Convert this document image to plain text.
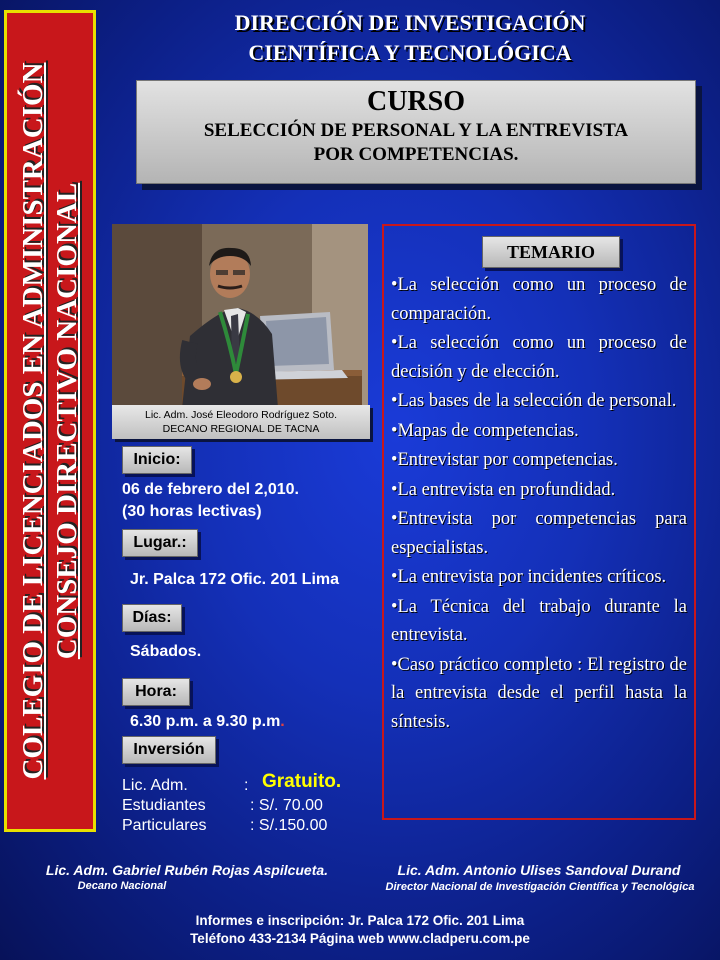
COLEGIO DE LICENCIADOS EN ADMINISTRACIÓN CONSEJO DIRECTIVO NACIONAL
DIRECCIÓN DE INVESTIGACIÓN
CIENTÍFICA Y TECNOLÓGICA
CURSO
SELECCIÓN DE PERSONAL Y LA ENTREVISTA
POR COMPETENCIAS.
Lic. Adm. José Eleodoro Rodríguez Soto.
DECANO REGIONAL DE TACNA
Inicio:
06 de febrero del 2,010.
(30 horas lectivas)
Lugar.:
Jr. Palca 172 Ofic. 201 Lima
Días:
Sábados.
Hora:
6.30 p.m. a 9.30 p.m.
Inversión
Lic. Adm.	: Gratuito.
Estudiantes	: S/. 70.00
Particulares	: S/.150.00
TEMARIO
•La selección como un proceso de comparación.
•La selección como un proceso de decisión y de elección.
•Las bases de la selección de personal.
•Mapas de competencias.
•Entrevistar por competencias.
•La entrevista en profundidad.
•Entrevista por competencias para especialistas.
•La entrevista por incidentes críticos.
•La Técnica del trabajo durante la entrevista.
•Caso práctico completo : El registro de la entrevista desde el perfil hasta la síntesis.
Lic. Adm. Gabriel Rubén Rojas Aspilcueta.
Decano Nacional
Lic. Adm. Antonio Ulises Sandoval Durand
Director Nacional de Investigación Científica y Tecnológica
Informes e inscripción: Jr. Palca 172 Ofic. 201 Lima
Teléfono 433-2134 Página web www.cladperu.com.pe
